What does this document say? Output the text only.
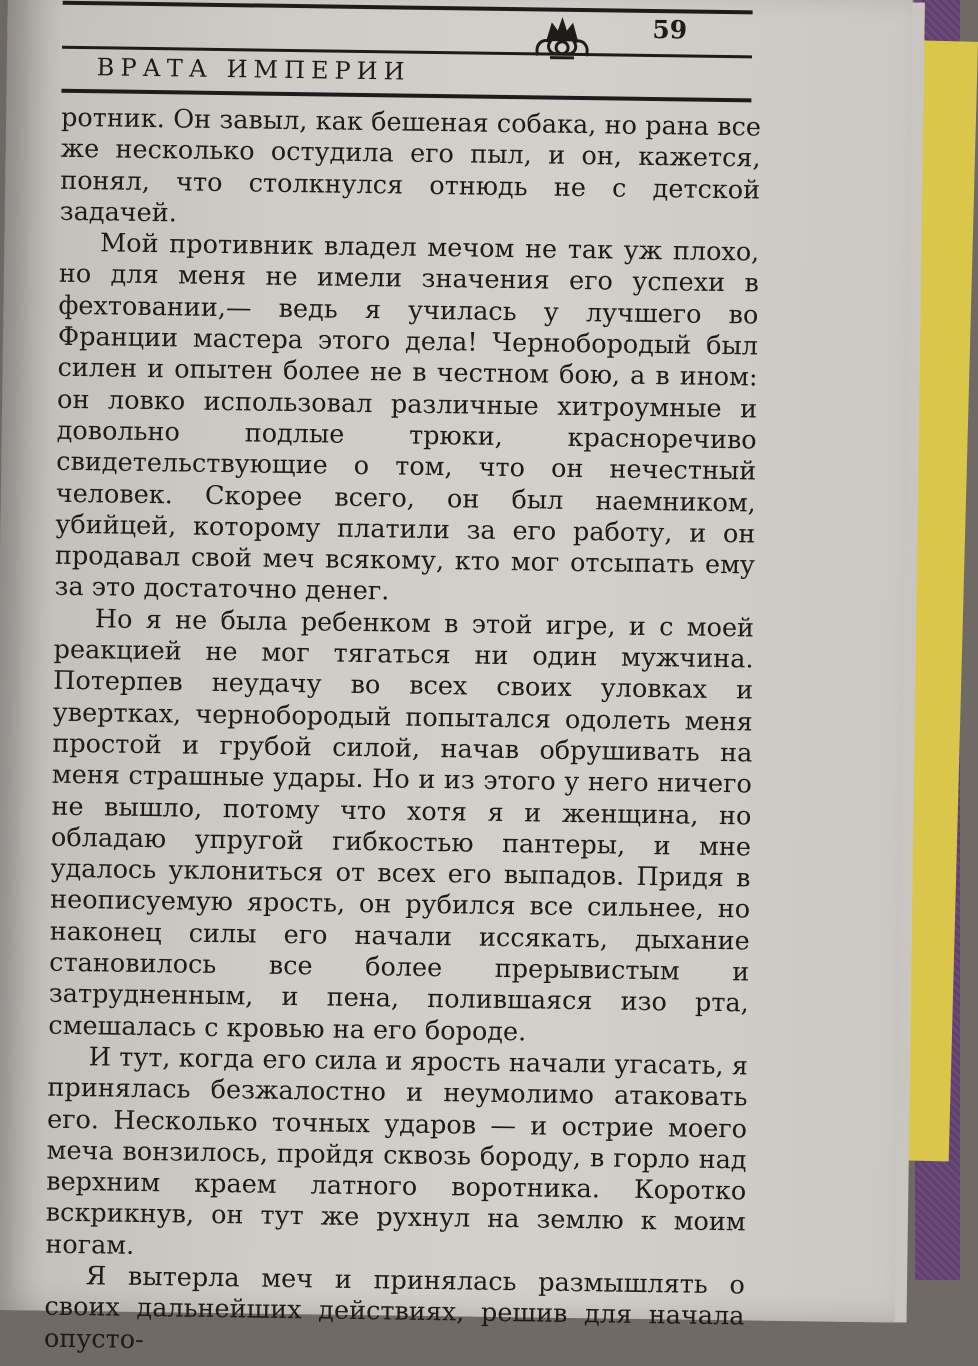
ВРАТА ИМПЕРИИ
59

ротник. Он завыл, как бешеная собака, но рана все же несколько остудила его пыл, и он, кажется, понял, что столкнулся отнюдь не с детской задачей.

Мой противник владел мечом не так уж плохо, но для меня не имели значения его успехи в фехтовании,— ведь я училась у лучшего во Франции мастера этого дела! Чернобородый был силен и опытен более не в честном бою, а в ином: он ловко использовал различные хитроумные и довольно подлые трюки, красноречиво свидетельствующие о том, что он нечестный человек. Скорее всего, он был наемником, убийцей, которому платили за его работу, и он продавал свой меч всякому, кто мог отсыпать ему за это достаточно денег.

Но я не была ребенком в этой игре, и с моей реакцией не мог тягаться ни один мужчина. Потерпев неудачу во всех своих уловках и увертках, чернобородый попытался одолеть меня простой и грубой силой, начав обрушивать на меня страшные удары. Но и из этого у него ничего не вышло, потому что хотя я и женщина, но обладаю упругой гибкостью пантеры, и мне удалось уклониться от всех его выпадов. Придя в неописуемую ярость, он рубился все сильнее, но наконец силы его начали иссякать, дыхание становилось все более прерывистым и затрудненным, и пена, полившаяся изо рта, смешалась с кровью на его бороде.

И тут, когда его сила и ярость начали угасать, я принялась безжалостно и неумолимо атаковать его. Несколько точных ударов — и острие моего меча вонзилось, пройдя сквозь бороду, в горло над верхним краем латного воротника. Коротко вскрикнув, он тут же рухнул на землю к моим ногам.

Я вытерла меч и принялась размышлять о своих дальнейших действиях, решив для начала опусто-
